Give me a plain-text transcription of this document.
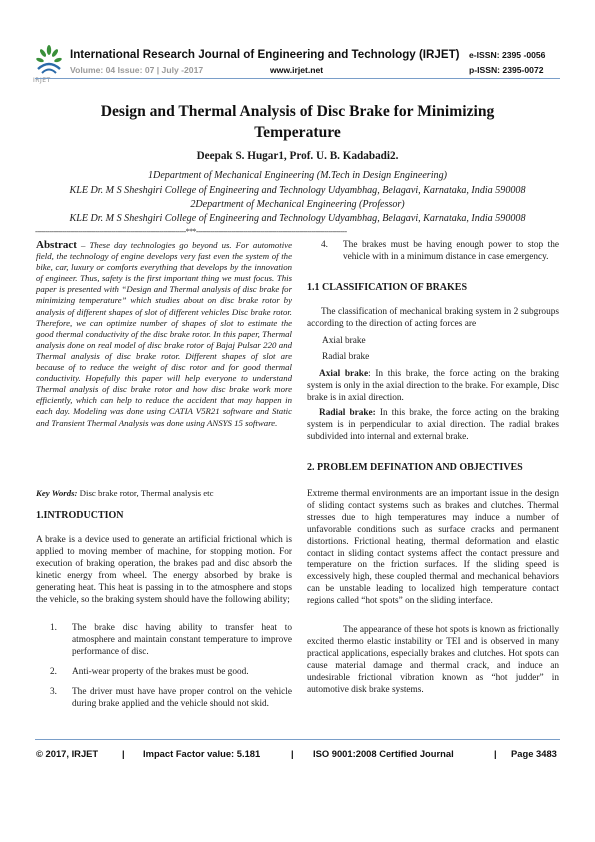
IRJET
International Research Journal of Engineering and Technology (IRJET)
Volume: 04 Issue: 07 | July -2017	www.irjet.net
e-ISSN: 2395 -0056
p-ISSN: 2395-0072
Design and Thermal Analysis of Disc Brake for Minimizing Temperature
Deepak S. Hugar1, Prof. U. B. Kadabadi2.
1Department of Mechanical Engineering (M.Tech in Design Engineering)
KLE Dr. M S Sheshgiri College of Engineering and Technology Udyambhag, Belagavi, Karnataka, India 590008
2Department of Mechanical Engineering (Professor)
KLE Dr. M S Sheshgiri College of Engineering and Technology Udyambhag, Belagavi, Karnataka, India 590008
-------------------------------------------------------------------------***-------------------------------------------------------------------------
Abstract – These day technologies go beyond us. For automotive field, the technology of engine develops very fast even the system of the bike, car, luxury or comforts everything that develops by the innovation of engineer. Thus, safety is the first important thing we must focus. This paper is presented with “Design and Thermal analysis of disc brake for minimizing temperature” which studies about on disc brake rotor by analysis of different shapes of slot of different vehicles Disc brake rotor. Therefore, we can optimize number of shapes of slot to estimate the good thermal conductivity of the disc brake rotor. In this paper, Thermal analysis done on real model of disc brake rotor of Bajaj Pulsar 220 and Thermal analysis of disc brake rotor. Different shapes of slot are because of to reduce the weight of disc rotor and for good thermal conductivity. Hopefully this paper will help everyone to understand Thermal analysis of disc brake rotor and how disc brake work more efficiently, which can help to reduce the accident that may happen in each day. Modeling was done using CATIA V5R21 software and Static and Transient Thermal Analysis was done using ANSYS 15 software.
Key Words: Disc brake rotor, Thermal analysis etc
1.INTRODUCTION
A brake is a device used to generate an artificial frictional which is applied to moving member of machine, for stopping motion. For execution of braking operation, the brakes pad and disc absorb the kinetic energy from wheel. The energy absorbed by brake is generating heat. This heat is passing in to the atmosphere and stops the vehicle, so the braking system should have the following ability;
1. The brake disc having ability to transfer heat to atmosphere and maintain constant temperature to improve performance of disc.
2. Anti-wear property of the brakes must be good.
3. The driver must have have proper control on the vehicle during brake applied and the vehicle should not skid.
4. The brakes must be having enough power to stop the vehicle with in a minimum distance in case emergency.
1.1 CLASSIFICATION OF BRAKES
The classification of mechanical braking system in 2 subgroups according to the direction of acting forces are
Axial brake
Radial brake
Axial brake: In this brake, the force acting on the braking system is only in the axial direction to the brake. For example, Disc brake is in axial direction.
Radial brake: In this brake, the force acting on the braking system is in perpendicular to axial direction. The radial brakes subdivided into internal and external brake.
2. PROBLEM DEFINATION AND OBJECTIVES
Extreme thermal environments are an important issue in the design of sliding contact systems such as brakes and clutches. Thermal stresses due to high temperatures may induce a number of unfavorable conditions such as surface cracks and permanent distortions. Frictional heating, thermal deformation and elastic contact in sliding contact systems affect the contact pressure and temperature on the friction surfaces. If the sliding speed is excessively high, these coupled thermal and mechanical behaviors can be unstable leading to localized high temperature contact regions called “hot spots” on the sliding interface.
The appearance of these hot spots is known as frictionally excited thermo elastic instability or TEI and is observed in many practical applications, especially brakes and clutches. Hot spots can cause material damage and thermal crack, and induce an undesirable frictional vibration known as “hot judder” in automotive disk brake systems.
© 2017, IRJET	| Impact Factor value: 5.181	| ISO 9001:2008 Certified Journal	| Page 3483
